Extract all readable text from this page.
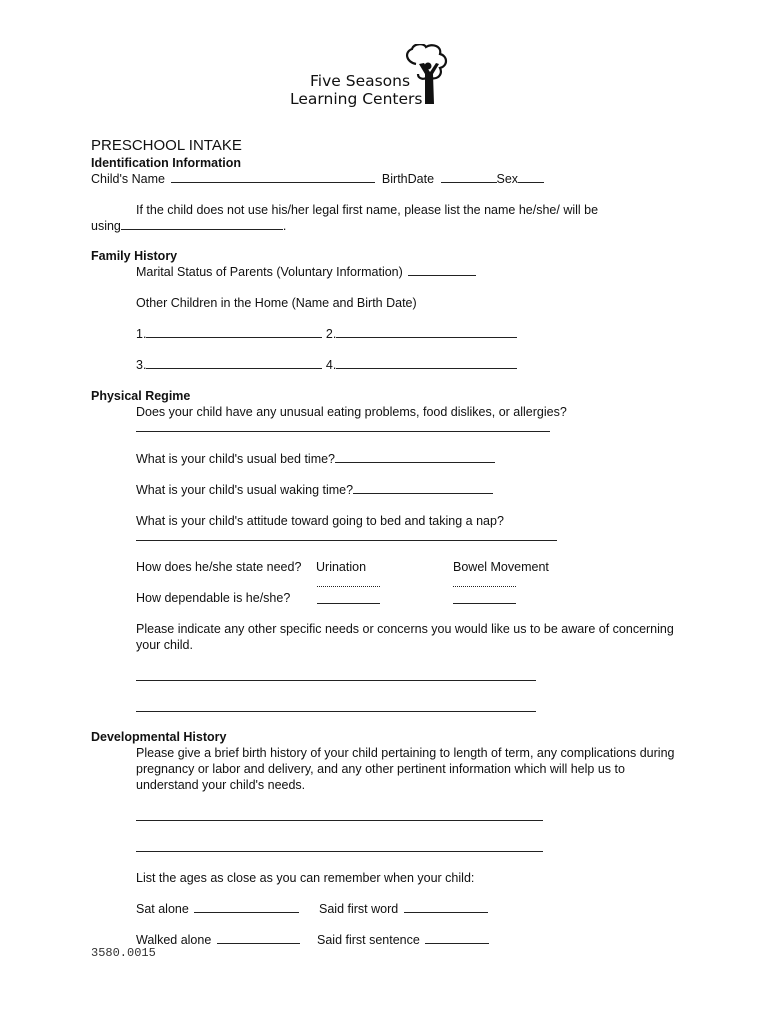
Five Seasons
Learning Centers
PRESCHOOL INTAKE
Identification Information
Child's Name	BirthDate	Sex
If the child does not use his/her legal first name, please list the name he/she/ will be
using	.
Family History
Marital Status of Parents (Voluntary Information)
Other Children in the Home (Name and Birth Date)
1.	2.
3.	4.
Physical Regime
Does your child have any unusual eating problems, food dislikes, or allergies?
What is your child's usual bed time?
What is your child's usual waking time?
What is your child's attitude toward going to bed and taking a nap?
How does he/she state need? Urination	Bowel Movement
How dependable is he/she?
Please indicate any other specific needs or concerns you would like us to be aware of concerning
your child.
Developmental History
Please give a brief birth history of your child pertaining to length of term, any complications during
pregnancy or labor and delivery, and any other pertinent information which will help us to
understand your child's needs.
List the ages as close as you can remember when your child:
Sat alone	Said first word
Walked alone	Said first sentence
3580.0015
